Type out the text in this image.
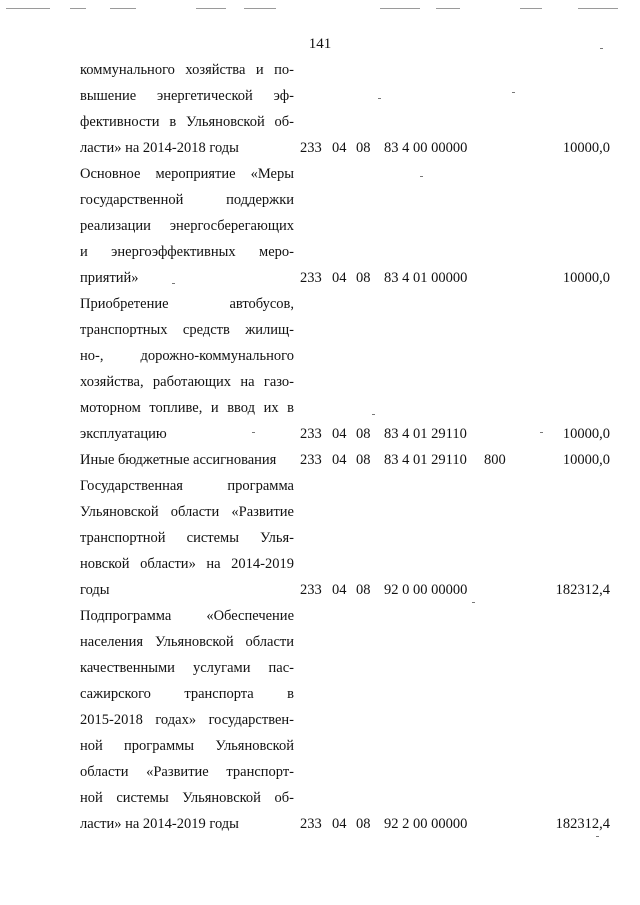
141
коммунального хозяйства и по-
вышение энергетической эф-
фективности в Ульяновской об-
ласти» на 2014-2018 годы	233 04 08 83 4 00 00000	10000,0
Основное мероприятие «Меры
государственной поддержки
реализации энергосберегающих
и энергоэффективных меро-
приятий»	233 04 08 83 4 01 00000	10000,0
Приобретение автобусов,
транспортных средств жилищ-
но-, дорожно-коммунального
хозяйства, работающих на газо-
моторном топливе, и ввод их в
эксплуатацию	233 04 08 83 4 01 29110	10000,0
Иные бюджетные ассигнования	233 04 08 83 4 01 29110 800	10000,0
Государственная программа
Ульяновской области «Развитие
транспортной системы Улья-
новской области» на 2014-2019
годы	233 04 08 92 0 00 00000	182312,4
Подпрограмма «Обеспечение
населения Ульяновской области
качественными услугами пас-
сажирского транспорта в
2015-2018 годах» государствен-
ной программы Ульяновской
области «Развитие транспорт-
ной системы Ульяновской об-
ласти» на 2014-2019 годы	233 04 08 92 2 00 00000	182312,4
